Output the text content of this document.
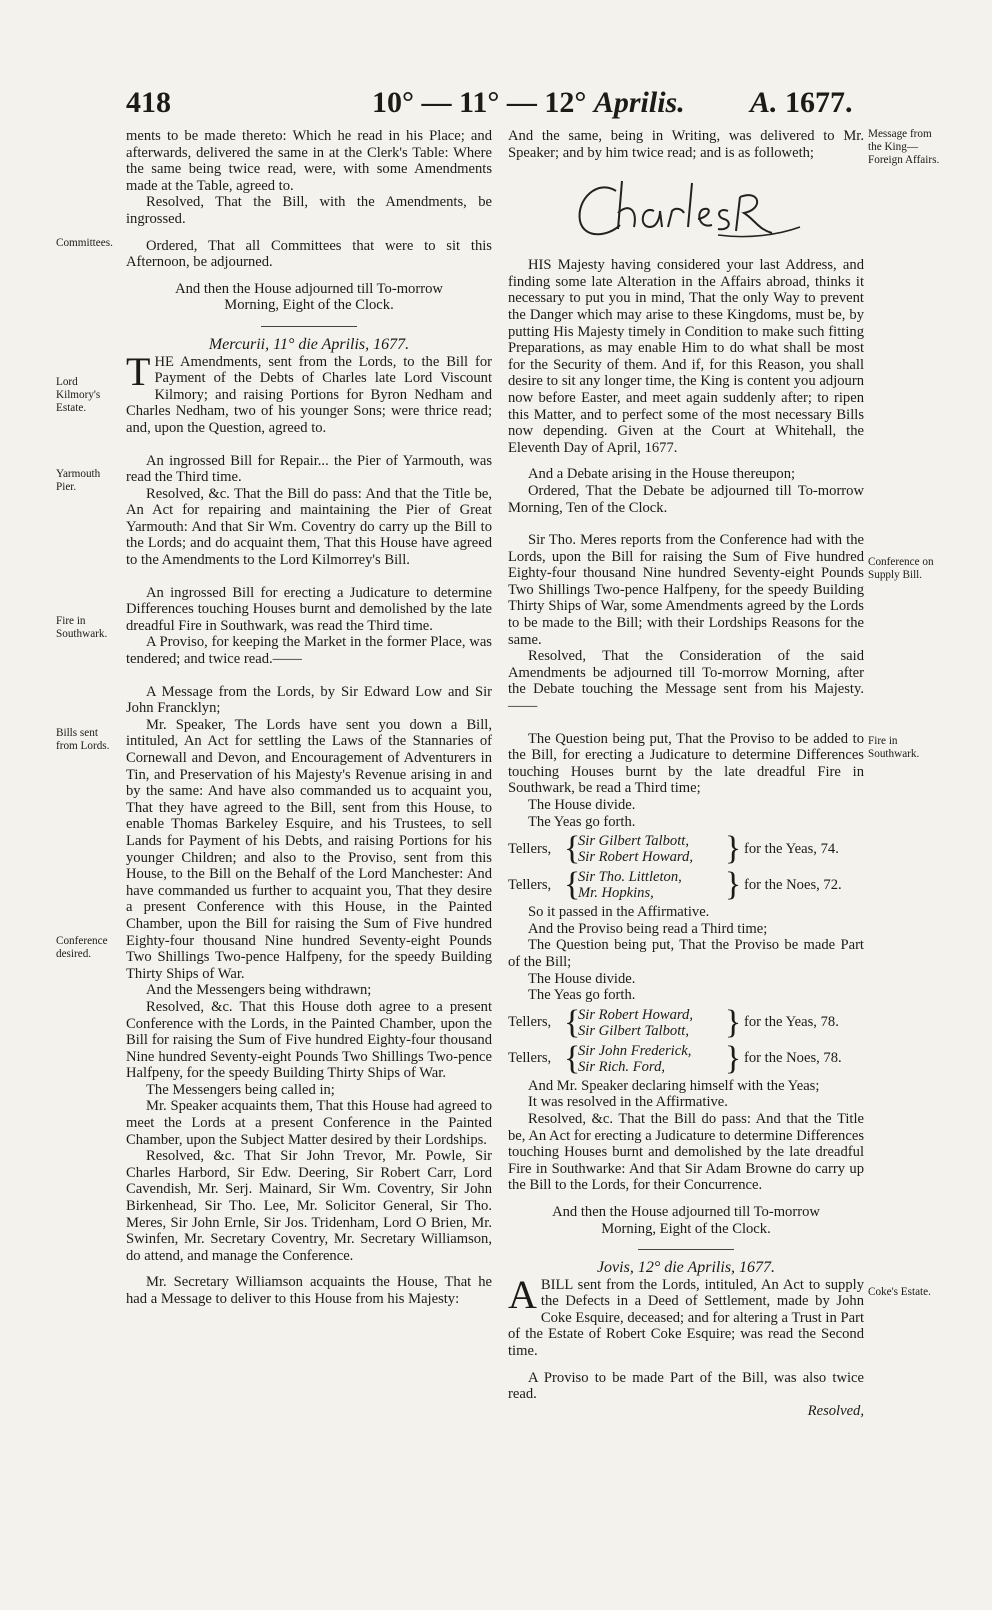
418	10° — 11° — 12° Aprilis. A. 1677.
Committees.
Lord Kilmory's Estate.
Yarmouth Pier.
Fire in Southwark.
Bills sent from Lords.
Conference desired.
Message from the King—Foreign Affairs.
Conference on Supply Bill.
Fire in Southwark.
Coke's Estate.

ments to be made thereto: Which he read in his Place; and afterwards, delivered the same in at the Clerk's Table: Where the same being twice read, were, with some Amendments made at the Table, agreed to.

Resolved, That the Bill, with the Amendments, be ingrossed.

Ordered, That all Committees that were to sit this Afternoon, be adjourned.

And then the House adjourned till To-morrow Morning, Eight of the Clock.

Mercurii, 11° die Aprilis, 1677.

THE Amendments, sent from the Lords, to the Bill for Payment of the Debts of Charles late Lord Viscount Kilmory; and raising Portions for Byron Nedham and Charles Nedham, two of his younger Sons; were thrice read; and, upon the Question, agreed to.

An ingrossed Bill for Repair... the Pier of Yarmouth, was read the Third time.

Resolved, &c. That the Bill do pass: And that the Title be, An Act for repairing and maintaining the Pier of Great Yarmouth: And that Sir Wm. Coventry do carry up the Bill to the Lords; and do acquaint them, That this House have agreed to the Amendments to the Lord Kilmorrey's Bill.

An ingrossed Bill for erecting a Judicature to determine Differences touching Houses burnt and demolished by the late dreadful Fire in Southwark, was read the Third time.

A Proviso, for keeping the Market in the former Place, was tendered; and twice read.——

A Message from the Lords, by Sir Edward Low and Sir John Francklyn;

Mr. Speaker, The Lords have sent you down a Bill, intituled, An Act for settling the Laws of the Stannaries of Cornewall and Devon, and Encouragement of Adventurers in Tin, and Preservation of his Majesty's Revenue arising in and by the same: And have also commanded us to acquaint you, That they have agreed to the Bill, sent from this House, to enable Thomas Barkeley Esquire, and his Trustees, to sell Lands for Payment of his Debts, and raising Portions for his younger Children; and also to the Proviso, sent from this House, to the Bill on the Behalf of the Lord Manchester: And have commanded us further to acquaint you, That they desire a present Conference with this House, in the Painted Chamber, upon the Bill for raising the Sum of Five hundred Eighty-four thousand Nine hundred Seventy-eight Pounds Two Shillings Two-pence Halfpeny, for the speedy Building Thirty Ships of War.

And the Messengers being withdrawn;

Resolved, &c. That this House doth agree to a present Conference with the Lords, in the Painted Chamber, upon the Bill for raising the Sum of Five hundred Eighty-four thousand Nine hundred Seventy-eight Pounds Two Shillings Two-pence Halfpeny, for the speedy Building Thirty Ships of War.

The Messengers being called in;

Mr. Speaker acquaints them, That this House had agreed to meet the Lords at a present Conference in the Painted Chamber, upon the Subject Matter desired by their Lordships.

Resolved, &c. That Sir John Trevor, Mr. Powle, Sir Charles Harbord, Sir Edw. Deering, Sir Robert Carr, Lord Cavendish, Mr. Serj. Mainard, Sir Wm. Coventry, Sir John Birkenhead, Sir Tho. Lee, Mr. Solicitor General, Sir Tho. Meres, Sir John Ernle, Sir Jos. Tridenham, Lord O Brien, Mr. Swinfen, Mr. Secretary Coventry, Mr. Secretary Williamson, do attend, and manage the Conference.

Mr. Secretary Williamson acquaints the House, That he had a Message to deliver to this House from his Majesty:

And the same, being in Writing, was delivered to Mr. Speaker; and by him twice read; and is as followeth;

HIS Majesty having considered your last Address, and finding some late Alteration in the Affairs abroad, thinks it necessary to put you in mind, That the only Way to prevent the Danger which may arise to these Kingdoms, must be, by putting His Majesty timely in Condition to make such fitting Preparations, as may enable Him to do what shall be most for the Security of them. And if, for this Reason, you shall desire to sit any longer time, the King is content you adjourn now before Easter, and meet again suddenly after; to ripen this Matter, and to perfect some of the most necessary Bills now depending. Given at the Court at Whitehall, the Eleventh Day of April, 1677.

And a Debate arising in the House thereupon;

Ordered, That the Debate be adjourned till To-morrow Morning, Ten of the Clock.

Sir Tho. Meres reports from the Conference had with the Lords, upon the Bill for raising the Sum of Five hundred Eighty-four thousand Nine hundred Seventy-eight Pounds Two Shillings Two-pence Halfpeny, for the speedy Building Thirty Ships of War, some Amendments agreed by the Lords to be made to the Bill; with their Lordships Reasons for the same.

Resolved, That the Consideration of the said Amendments be adjourned till To-morrow Morning, after the Debate touching the Message sent from his Majesty.——

The Question being put, That the Proviso to be added to the Bill, for erecting a Judicature to determine Differences touching Houses burnt by the late dreadful Fire in Southwark, be read a Third time;

The House divide.

The Yeas go forth.

Tellers, {
Sir Gilbert Talbott,
Sir Robert Howard, } for the Yeas, 74.
Tellers, {
Sir Tho. Littleton,
Mr. Hopkins,	} for the Noes, 72.

So it passed in the Affirmative.

And the Proviso being read a Third time;

The Question being put, That the Proviso be made Part of the Bill;

The House divide.

The Yeas go forth.

Tellers, {
Sir Robert Howard,
Sir Gilbert Talbott,	} for the Yeas, 78.
Tellers, {
Sir John Frederick,
Sir Rich. Ford,	} for the Noes, 78.

And Mr. Speaker declaring himself with the Yeas;

It was resolved in the Affirmative.

Resolved, &c. That the Bill do pass: And that the Title be, An Act for erecting a Judicature to determine Differences touching Houses burnt and demolished by the late dreadful Fire in Southwarke: And that Sir Adam Browne do carry up the Bill to the Lords, for their Concurrence.

And then the House adjourned till To-morrow Morning, Eight of the Clock.

Jovis, 12° die Aprilis, 1677.

ABILL sent from the Lords, intituled, An Act to supply the Defects in a Deed of Settlement, made by John Coke Esquire, deceased; and for altering a Trust in Part of the Estate of Robert Coke Esquire; was read the Second time.

A Proviso to be made Part of the Bill, was also twice read.

Resolved,
